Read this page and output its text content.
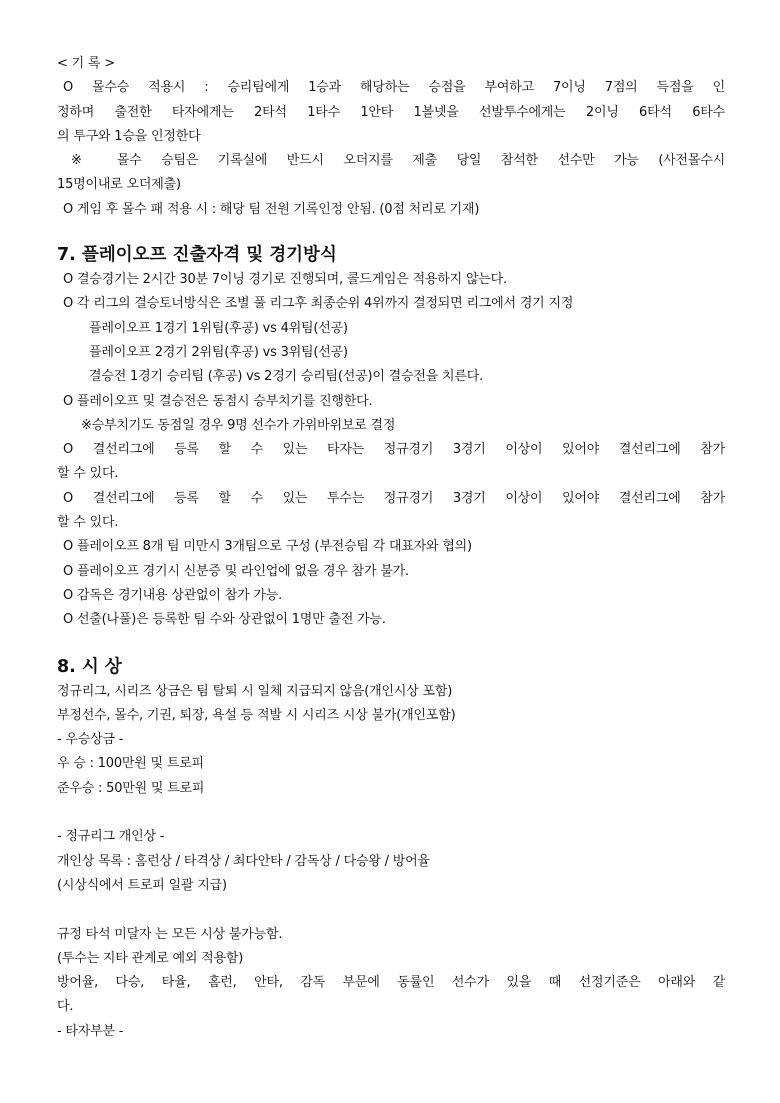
< 기 록 >
O 몰수승 적용시 : 승리팀에게 1승과 해당하는 승점을 부여하고 7이닝 7점의 득점을 인
정하며 출전한 타자에게는 2타석 1타수 1안타 1볼넷을 선발투수에게는 2이닝 6타석 6타수
의 투구와 1승을 인정한다
※ 몰수 승팀은 기록실에 반드시 오더지를 제출 당일 참석한 선수만 가능 (사전몰수시
15명이내로 오더제출)
O 게임 후 몰수 패 적용 시 : 해당 팀 전원 기록인정 안됨. (0점 처리로 기재)
7. 플레이오프 진출자격 및 경기방식
O 결승경기는 2시간 30분 7이닝 경기로 진행되며, 콜드게임은 적용하지 않는다.
O 각 리그의 결승토너방식은 조별 풀 리그후 최종순위 4위까지 결정되면 리그에서 경기 지정
플레이오프 1경기 1위팀(후공) vs 4위팀(선공)
플레이오프 2경기 2위팀(후공) vs 3위팀(선공)
결승전 1경기 승리팀 (후공) vs 2경기 승리팀(선공)이 결승전을 치른다.
O 플레이오프 및 결승전은 동점시 승부치기를 진행한다.
※승부치기도 동점일 경우 9명 선수가 가위바위보로 결정
O 결선리그에 등록 할 수 있는 타자는 정규경기 3경기 이상이 있어야 결선리그에 참가
할 수 있다.
O 결선리그에 등록 할 수 있는 투수는 정규경기 3경기 이상이 있어야 결선리그에 참가
할 수 있다.
O 플레이오프 8개 팀 미만시 3개팀으로 구성 (부전승팀 각 대표자와 협의)
O 플레이오프 경기시 신분증 및 라인업에 없을 경우 참가 불가.
O 감독은 경기내용 상관없이 참가 가능.
O 선출(나풀)은 등록한 팀 수와 상관없이 1명만 출전 가능.
8. 시 상
정규리그, 시리즈 상금은 팀 탈퇴 시 일체 지급되지 않음(개인시상 포함)
부정선수, 몰수, 기권, 퇴장, 욕설 등 적발 시 시리즈 시상 불가(개인포함)
- 우승상금 -
우 승 : 100만원 및 트로피
준우승 : 50만원 및 트로피
- 정규리그 개인상 -
개인상 목록 : 홈런상 / 타격상 / 최다안타 / 감독상 / 다승왕 / 방어율
(시상식에서 트로피 일괄 지급)
규정 타석 미달자 는 모든 시상 불가능함.
(투수는 지타 관계로 예외 적용함)
방어율, 다승, 타율, 홈런, 안타, 감독 부문에 동률인 선수가 있을 때 선정기준은 아래와 같
다.
- 타자부분 -
